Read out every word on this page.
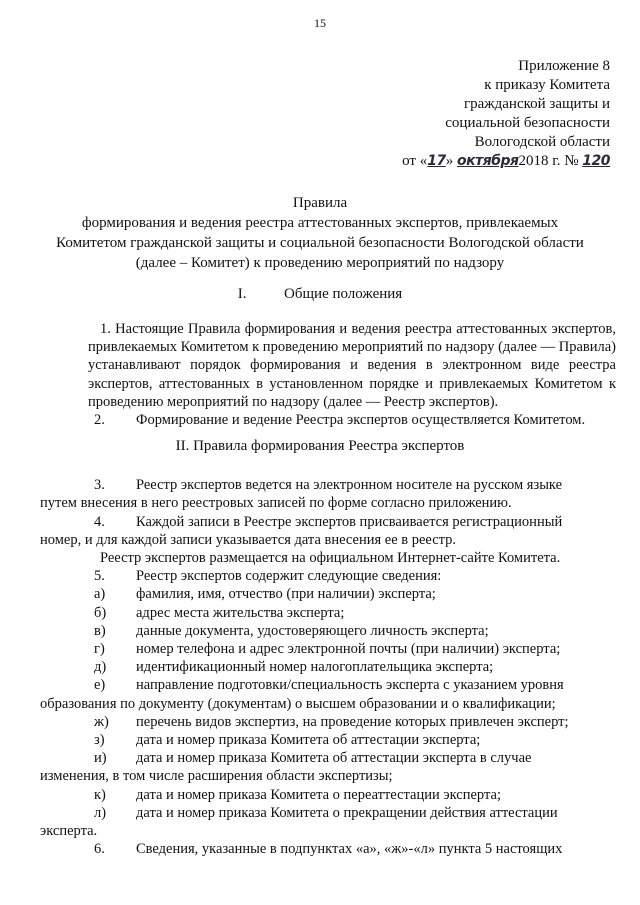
15
Приложение 8
к приказу Комитета
гражданской защиты и
социальной безопасности
Вологодской области
от «17» октября2018 г. № 120
Правила
формирования и ведения реестра аттестованных экспертов, привлекаемых
Комитетом гражданской защиты и социальной безопасности Вологодской области
(далее – Комитет) к проведению мероприятий по надзору
I.          Общие положения

1. Настоящие Правила формирования и ведения реестра аттестованных экспертов, привлекаемых Комитетом к проведению мероприятий по надзору (далее — Правила) устанавливают порядок формирования и ведения в электронном виде реестра экспертов, аттестованных в установленном порядке и привлекаемых Комитетом к проведению мероприятий по надзору (далее — Реестр экспертов).

2.	Формирование и ведение Реестра экспертов осуществляется Комитетом.
3.	Реестр экспертов ведется на электронном носителе на русском языке

путем внесения в него реестровых записей по форме согласно приложению.

4.	Каждой записи в Реестре экспертов присваивается регистрационный

номер, и для каждой записи указывается дата внесения ее в реестр.

Реестр экспертов размещается на официальном Интернет-сайте Комитета.

5.	Реестр экспертов содержит следующие сведения:
а)	фамилия, имя, отчество (при наличии) эксперта;
б)	адрес места жительства эксперта;
в)	данные документа, удостоверяющего личность эксперта;
г)	номер телефона и адрес электронной почты (при наличии) эксперта;
д)	идентификационный номер налогоплательщика эксперта;
е)	направление подготовки/специальность эксперта с указанием уровня

образования по документу (документам) о высшем образовании и о квалификации;

ж)	перечень видов экспертиз, на проведение которых привлечен эксперт;
з)	дата и номер приказа Комитета об аттестации эксперта;
и)	дата и номер приказа Комитета об аттестации эксперта в случае

изменения, в том числе расширения области экспертизы;

к)	дата и номер приказа Комитета о переаттестации эксперта;
л)	дата и номер приказа Комитета о прекращении действия аттестации

эксперта.

6.	Сведения, указанные в подпунктах «а», «ж»-«л» пункта 5 настоящих
II. Правила формирования Реестра экспертов
